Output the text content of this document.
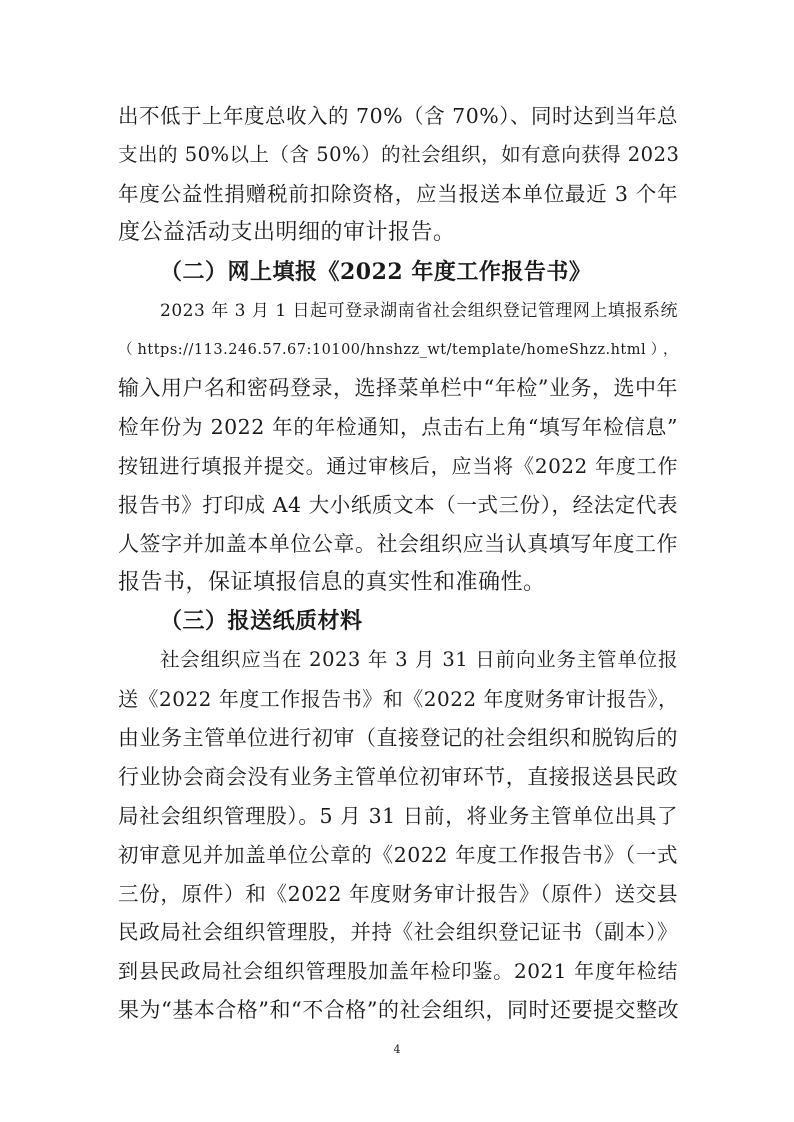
出不低于上年度总收入的 70%（含 70%）、同时达到当年总
支出的 50%以上（含 50%）的社会组织，如有意向获得 2023
年度公益性捐赠税前扣除资格，应当报送本单位最近 3 个年
度公益活动支出明细的审计报告。
（二）网上填报《2022 年度工作报告书》
2023 年 3 月 1 日起可登录湖南省社会组织登记管理网上填报系统
（https://113.246.57.67:10100/hnshzz_wt/template/homeShzz.html），
输入用户名和密码登录，选择菜单栏中“年检”业务，选中年
检年份为 2022 年的年检通知，点击右上角“填写年检信息”
按钮进行填报并提交。通过审核后，应当将《2022 年度工作
报告书》打印成 A4 大小纸质文本（一式三份），经法定代表
人签字并加盖本单位公章。社会组织应当认真填写年度工作
报告书，保证填报信息的真实性和准确性。
（三）报送纸质材料
社会组织应当在 2023 年 3 月 31 日前向业务主管单位报
送《2022 年度工作报告书》和《2022 年度财务审计报告》，
由业务主管单位进行初审（直接登记的社会组织和脱钩后的
行业协会商会没有业务主管单位初审环节，直接报送县民政
局社会组织管理股）。5 月 31 日前，将业务主管单位出具了
初审意见并加盖单位公章的《2022 年度工作报告书》（一式
三份，原件）和《2022 年度财务审计报告》（原件）送交县
民政局社会组织管理股，并持《社会组织登记证书（副本）》
到县民政局社会组织管理股加盖年检印鉴。2021 年度年检结
果为“基本合格”和“不合格”的社会组织，同时还要提交整改
4
